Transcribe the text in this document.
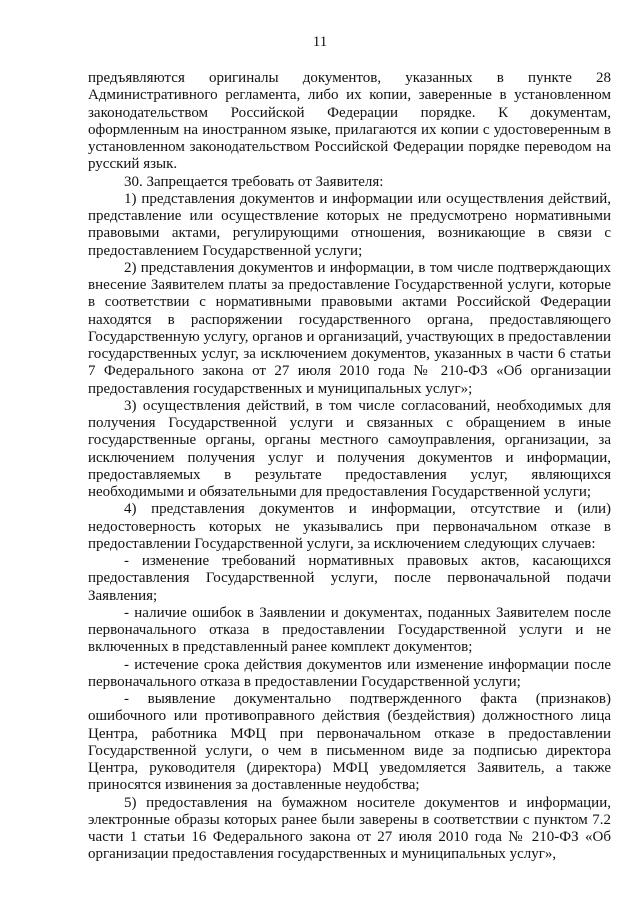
11

предъявляются оригиналы документов, указанных в пункте 28 Административного регламента, либо их копии, заверенные в установленном законодательством Российской Федерации порядке. К документам, оформленным на иностранном языке, прилагаются их копии с удостоверенным в установленном законодательством Российской Федерации порядке переводом на русский язык.

30. Запрещается требовать от Заявителя:

1) представления документов и информации или осуществления действий, представление или осуществление которых не предусмотрено нормативными правовыми актами, регулирующими отношения, возникающие в связи с предоставлением Государственной услуги;

2) представления документов и информации, в том числе подтверждающих внесение Заявителем платы за предоставление Государственной услуги, которые в соответствии с нормативными правовыми актами Российской Федерации находятся в распоряжении государственного органа, предоставляющего Государственную услугу, органов и организаций, участвующих в предоставлении государственных услуг, за исключением документов, указанных в части 6 статьи 7 Федерального закона от 27 июля 2010 года № 210-ФЗ «Об организации предоставления государственных и муниципальных услуг»;

3) осуществления действий, в том числе согласований, необходимых для получения Государственной услуги и связанных с обращением в иные государственные органы, органы местного самоуправления, организации, за исключением получения услуг и получения документов и информации, предоставляемых в результате предоставления услуг, являющихся необходимыми и обязательными для предоставления Государственной услуги;

4) представления документов и информации, отсутствие и (или) недостоверность которых не указывались при первоначальном отказе в предоставлении Государственной услуги, за исключением следующих случаев:

- изменение требований нормативных правовых актов, касающихся предоставления Государственной услуги, после первоначальной подачи Заявления;

- наличие ошибок в Заявлении и документах, поданных Заявителем после первоначального отказа в предоставлении Государственной услуги и не включенных в представленный ранее комплект документов;

- истечение срока действия документов или изменение информации после первоначального отказа в предоставлении Государственной услуги;

- выявление документально подтвержденного факта (признаков) ошибочного или противоправного действия (бездействия) должностного лица Центра, работника МФЦ при первоначальном отказе в предоставлении Государственной услуги, о чем в письменном виде за подписью директора Центра, руководителя (директора) МФЦ уведомляется Заявитель, а также приносятся извинения за доставленные неудобства;

5) предоставления на бумажном носителе документов и информации, электронные образы которых ранее были заверены в соответствии с пунктом 7.2 части 1 статьи 16 Федерального закона от 27 июля 2010 года № 210-ФЗ «Об организации предоставления государственных и муниципальных услуг»,
